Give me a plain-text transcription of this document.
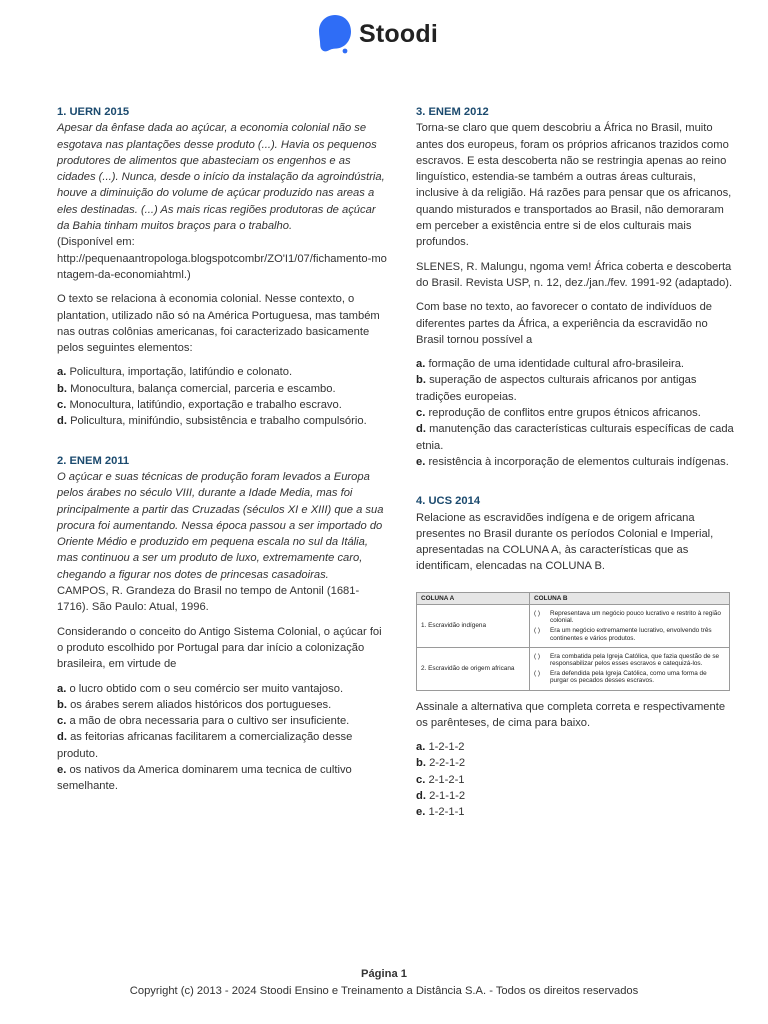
Stoodi

1. UERN 2015

Apesar da ênfase dada ao açúcar, a economia colonial não se esgotava nas plantações desse produto (...). Havia os pequenos produtores de alimentos que abasteciam os engenhos e as cidades (...). Nunca, desde o início da instalação da agroindústria, houve a diminuição do volume de açúcar produzido nas areas a eles destinadas. (...) As mais ricas regiões produtoras de açúcar da Bahia tinham muitos braços para o trabalho.

(Disponível em:

http://pequenaantropologa.blogspotcombr/ZO'I1/07/fichamento-montagem-da-economiahtml.)

O texto se relaciona à economia colonial. Nesse contexto, o plantation, utilizado não só na América Portuguesa, mas também nas outras colônias americanas, foi caracterizado basicamente pelos seguintes elementos:

a. Policultura, importação, latifúndio e colonato.
b. Monocultura, balança comercial, parceria e escambo.
c. Monocultura, latifúndio, exportação e trabalho escravo.
d. Policultura, minifúndio, subsistência e trabalho compulsório.

2. ENEM 2011

O açúcar e suas técnicas de produção foram levados a Europa pelos árabes no século VIII, durante a Idade Media, mas foi principalmente a partir das Cruzadas (séculos XI e XIII) que a sua procura foi aumentando. Nessa época passou a ser importado do Oriente Médio e produzido em pequena escala no sul da Itália, mas continuou a ser um produto de luxo, extremamente caro, chegando a figurar nos dotes de princesas casadoiras.

CAMPOS, R. Grandeza do Brasil no tempo de Antonil (1681-1716). São Paulo: Atual, 1996.

Considerando o conceito do Antigo Sistema Colonial, o açúcar foi o produto escolhido por Portugal para dar início a colonização brasileira, em virtude de

a. o lucro obtido com o seu comércio ser muito vantajoso.
b. os árabes serem aliados históricos dos portugueses.
c. a mão de obra necessaria para o cultivo ser insuficiente.
d. as feitorias africanas facilitarem a comercialização desse produto.
e. os nativos da America dominarem uma tecnica de cultivo semelhante.

3. ENEM 2012

Torna-se claro que quem descobriu a África no Brasil, muito antes dos europeus, foram os próprios africanos trazidos como escravos. E esta descoberta não se restringia apenas ao reino linguístico, estendia-se também a outras áreas culturais, inclusive à da religião. Há razões para pensar que os africanos, quando misturados e transportados ao Brasil, não demoraram em perceber a existência entre si de elos culturais mais profundos.

SLENES, R. Malungu, ngoma vem! África coberta e descoberta do Brasil. Revista USP, n. 12, dez./jan./fev. 1991-92 (adaptado).

Com base no texto, ao favorecer o contato de indivíduos de diferentes partes da África, a experiência da escravidão no Brasil tornou possível a

a. formação de uma identidade cultural afro-brasileira.
b. superação de aspectos culturais africanos por antigas tradições europeias.
c. reprodução de conflitos entre grupos étnicos africanos.
d. manutenção das características culturais específicas de cada etnia.
e. resistência à incorporação de elementos culturais indígenas.

4. UCS 2014

Relacione as escravidões indígena e de origem africana presentes no Brasil durante os períodos Colonial e Imperial, apresentadas na COLUNA A, às características que as identificam, elencadas na COLUNA B.

COLUNA A	COLUNA B
1. Escravidão indígena	( ) Representava um negócio pouco lucrativo e restrito à região colonial.
( ) Era um negócio extremamente lucrativo, envolvendo três continentes e vários produtos.

2. Escravidão de origem africana	( ) Era combatida pela Igreja Católica, que fazia questão de se responsabilizar pelos esses escravos e catequizá-los.
( ) Era defendida pela Igreja Católica, como uma forma de purgar os pecados desses escravos.

Assinale a alternativa que completa correta e respectivamente os parênteses, de cima para baixo.

a. 1-2-1-2
b. 2-2-1-2
c. 2-1-2-1
d. 2-1-1-2
e. 1-2-1-1
Página 1
Copyright (c) 2013 - 2024 Stoodi Ensino e Treinamento a Distância S.A. - Todos os direitos reservados
